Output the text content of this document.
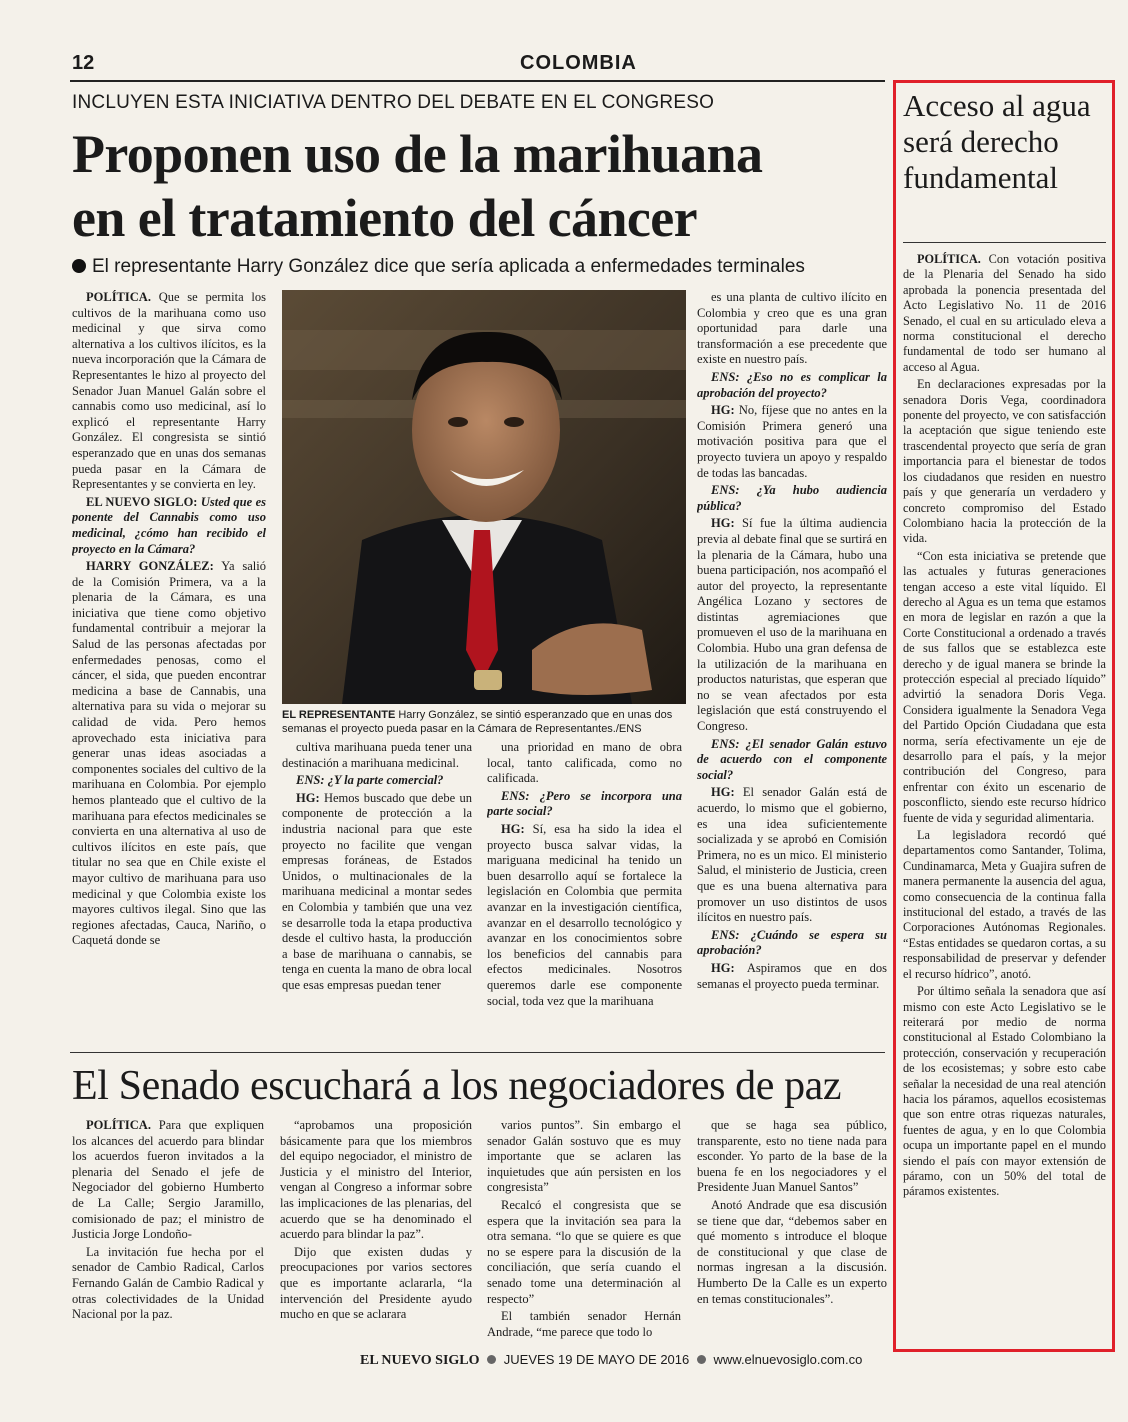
12	COLOMBIA
INCLUYEN ESTA INICIATIVA DENTRO DEL DEBATE EN EL CONGRESO
Proponen uso de la marihuana
en el tratamiento del cáncer
El representante Harry González dice que sería aplicada a enfermedades terminales

POLÍTICA. Que se permita los cultivos de la marihuana como uso medicinal y que sirva como alternativa a los cultivos ilícitos, es la nueva incorporación que la Cámara de Representantes le hizo al proyecto del Senador Juan Manuel Galán sobre el cannabis como uso medicinal, así lo explicó el representante Harry González. El congresista se sintió esperanzado que en unas dos semanas pueda pasar en la Cámara de Representantes y se convierta en ley.

EL NUEVO SIGLO: Usted que es ponente del Cannabis como uso medicinal, ¿cómo han recibido el proyecto en la Cámara?

HARRY GONZÁLEZ: Ya salió de la Comisión Primera, va a la plenaria de la Cámara, es una iniciativa que tiene como objetivo fundamental contribuir a mejorar la Salud de las personas afectadas por enfermedades penosas, como el cáncer, el sida, que pueden encontrar medicina a base de Cannabis, una alternativa para su vida o mejorar su calidad de vida. Pero hemos aprovechado esta iniciativa para generar unas ideas asociadas a componentes sociales del cultivo de la marihuana en Colombia. Por ejemplo hemos planteado que el cultivo de la marihuana para efectos medicinales se convierta en una alternativa al uso de cultivos ilícitos en este país, que titular no sea que en Chile existe el mayor cultivo de marihuana para uso medicinal y que Colombia existe los mayores cultivos ilegal. Sino que las regiones afectadas, Cauca, Nariño, o Caquetá donde se

EL REPRESENTANTE Harry González, se sintió esperanzado que en unas dos semanas el proyecto pueda pasar en la Cámara de Representantes./ENS

cultiva marihuana pueda tener una destinación a marihuana medicinal.

ENS: ¿Y la parte comercial?

HG: Hemos buscado que debe un componente de protección a la industria nacional para que este proyecto no facilite que vengan empresas foráneas, de Estados Unidos, o multinacionales de la marihuana medicinal a montar sedes en Colombia y también que una vez se desarrolle toda la etapa productiva desde el cultivo hasta, la producción a base de marihuana o cannabis, se tenga en cuenta la mano de obra local que esas empresas puedan tener

una prioridad en mano de obra local, tanto calificada, como no calificada.

ENS: ¿Pero se incorpora una parte social?

HG: Sí, esa ha sido la idea el proyecto busca salvar vidas, la mariguana medicinal ha tenido un buen desarrollo aquí se fortalece la legislación en Colombia que permita avanzar en la investigación científica, avanzar en el desarrollo tecnológico y avanzar en los conocimientos sobre los beneficios del cannabis para efectos medicinales. Nosotros queremos darle ese componente social, toda vez que la marihuana

es una planta de cultivo ilícito en Colombia y creo que es una gran oportunidad para darle una transformación a ese precedente que existe en nuestro país.

ENS: ¿Eso no es complicar la aprobación del proyecto?

HG: No, fíjese que no antes en la Comisión Primera generó una motivación positiva para que el proyecto tuviera un apoyo y respaldo de todas las bancadas.

ENS: ¿Ya hubo audiencia pública?

HG: Sí fue la última audiencia previa al debate final que se surtirá en la plenaria de la Cámara, hubo una buena participación, nos acompañó el autor del proyecto, la representante Angélica Lozano y sectores de distintas agremiaciones que promueven el uso de la marihuana en Colombia. Hubo una gran defensa de la utilización de la marihuana en productos naturistas, que esperan que no se vean afectados por esta legislación que está construyendo el Congreso.

ENS: ¿El senador Galán estuvo de acuerdo con el componente social?

HG: El senador Galán está de acuerdo, lo mismo que el gobierno, es una idea suficientemente socializada y se aprobó en Comisión Primera, no es un mico. El ministerio Salud, el ministerio de Justicia, creen que es una buena alternativa para promover un uso distintos de usos ilícitos en nuestro país.

ENS: ¿Cuándo se espera su aprobación?

HG: Aspiramos que en dos semanas el proyecto pueda terminar.

El Senado escuchará a los negociadores de paz

POLÍTICA. Para que expliquen los alcances del acuerdo para blindar los acuerdos fueron invitados a la plenaria del Senado el jefe de Negociador del gobierno Humberto de La Calle; Sergio Jaramillo, comisionado de paz; el ministro de Justicia Jorge Londoño-

La invitación fue hecha por el senador de Cambio Radical, Carlos Fernando Galán de Cambio Radical y otras colectividades de la Unidad Nacional por la paz.

“aprobamos una proposición básicamente para que los miembros del equipo negociador, el ministro de Justicia y el ministro del Interior, vengan al Congreso a informar sobre las implicaciones de las plenarias, del acuerdo que se ha denominado el acuerdo para blindar la paz”.

Dijo que existen dudas y preocupaciones por varios sectores que es importante aclararla, “la intervención del Presidente ayudo mucho en que se aclarara

varios puntos”. Sin embargo el senador Galán sostuvo que es muy importante que se aclaren las inquietudes que aún persisten en los congresista”

Recalcó el congresista que se espera que la invitación sea para la otra semana. “lo que se quiere es que no se espere para la discusión de la conciliación, que sería cuando el senado tome una determinación al respecto”

El también senador Hernán Andrade, “me parece que todo lo

que se haga sea público, transparente, esto no tiene nada para esconder. Yo parto de la base de la buena fe en los negociadores y el Presidente Juan Manuel Santos”

Anotó Andrade que esa discusión se tiene que dar, “debemos saber en qué momento s introduce el bloque de constitucional y que clase de normas ingresan a la discusión. Humberto De la Calle es un experto en temas constitucionales”.

Acceso al agua será derecho fundamental

POLÍTICA. Con votación positiva de la Plenaria del Senado ha sido aprobada la ponencia presentada del Acto Legislativo No. 11 de 2016 Senado, el cual en su articulado eleva a norma constitucional el derecho fundamental de todo ser humano al acceso al Agua.

En declaraciones expresadas por la senadora Doris Vega, coordinadora ponente del proyecto, ve con satisfacción la aceptación que sigue teniendo este trascendental proyecto que sería de gran importancia para el bienestar de todos los ciudadanos que residen en nuestro país y que generaría un verdadero y concreto compromiso del Estado Colombiano hacia la protección de la vida.

“Con esta iniciativa se pretende que las actuales y futuras generaciones tengan acceso a este vital líquido. El derecho al Agua es un tema que estamos en mora de legislar en razón a que la Corte Constitucional a ordenado a través de sus fallos que se establezca este derecho y de igual manera se brinde la protección especial al preciado líquido” advirtió la senadora Doris Vega. Considera igualmente la Senadora Vega del Partido Opción Ciudadana que esta norma, sería efectivamente un eje de desarrollo para el país, y la mejor contribución del Congreso, para enfrentar con éxito un escenario de posconflicto, siendo este recurso hídrico fuente de vida y seguridad alimentaria.

La legisladora recordó qué departamentos como Santander, Tolima, Cundinamarca, Meta y Guajira sufren de manera permanente la ausencia del agua, como consecuencia de la continua falla institucional del estado, a través de las Corporaciones Autónomas Regionales. “Estas entidades se quedaron cortas, a su responsabilidad de preservar y defender el recurso hídrico”, anotó.

Por último señala la senadora que así mismo con este Acto Legislativo se le reiterará por medio de norma constitucional al Estado Colombiano la protección, conservación y recuperación de los ecosistemas; y sobre esto cabe señalar la necesidad de una real atención hacia los páramos, aquellos ecosistemas que son entre otras riquezas naturales, fuentes de agua, y en lo que Colombia ocupa un importante papel en el mundo siendo el país con mayor extensión de páramo, con un 50% del total de páramos existentes.

EL NUEVO SIGLO JUEVES 19 DE MAYO DE 2016 www.elnuevosiglo.com.co
